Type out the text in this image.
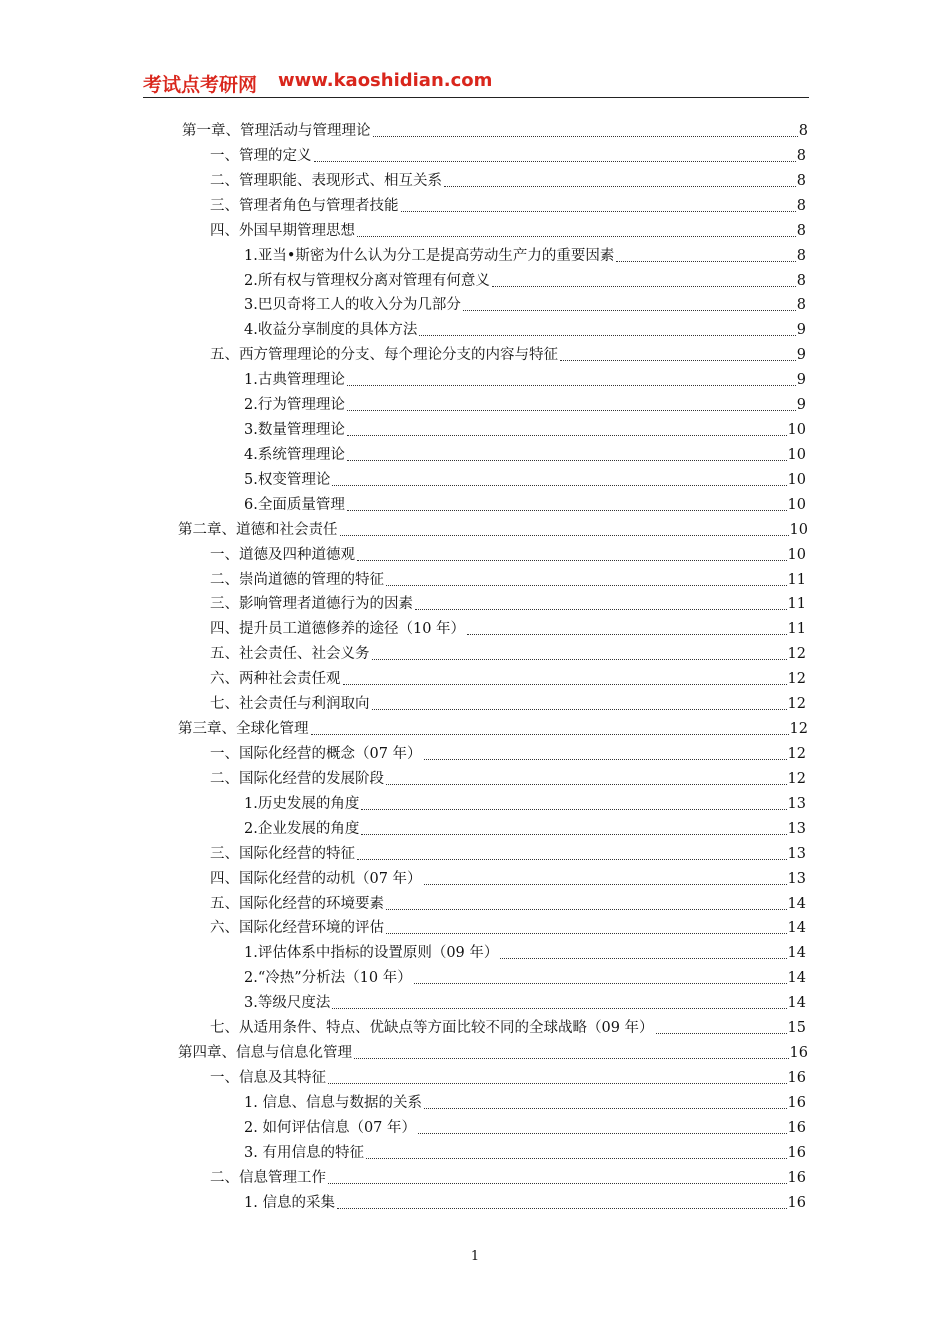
考试点考研网 www.kaoshidian.com
第一章、管理活动与管理理论	8
一、管理的定义	8
二、管理职能、表现形式、相互关系	8
三、管理者角色与管理者技能	8
四、外国早期管理思想	8
1.亚当•斯密为什么认为分工是提高劳动生产力的重要因素	8
2.所有权与管理权分离对管理有何意义	8
3.巴贝奇将工人的收入分为几部分	8
4.收益分享制度的具体方法	9
五、西方管理理论的分支、每个理论分支的内容与特征	9
1.古典管理理论	9
2.行为管理理论	9
3.数量管理理论	10
4.系统管理理论	10
5.权变管理论	10
6.全面质量管理	10
第二章、道德和社会责任	10
一、道德及四种道德观	10
二、崇尚道德的管理的特征	11
三、影响管理者道德行为的因素	11
四、提升员工道德修养的途径（10 年）	11
五、社会责任、社会义务	12
六、两种社会责任观	12
七、社会责任与利润取向	12
第三章、全球化管理	12
一、国际化经营的概念（07 年）	12
二、国际化经营的发展阶段	12
1.历史发展的角度	13
2.企业发展的角度	13
三、国际化经营的特征	13
四、国际化经营的动机（07 年）	13
五、国际化经营的环境要素	14
六、国际化经营环境的评估	14
1.评估体系中指标的设置原则（09 年）	14
2.“冷热”分析法（10 年）	14
3.等级尺度法	14
七、从适用条件、特点、优缺点等方面比较不同的全球战略（09 年）	15
第四章、信息与信息化管理	16
一、信息及其特征	16
1. 信息、信息与数据的关系	16
2. 如何评估信息（07 年）	16
3. 有用信息的特征	16
二、信息管理工作	16
1. 信息的采集	16
1
